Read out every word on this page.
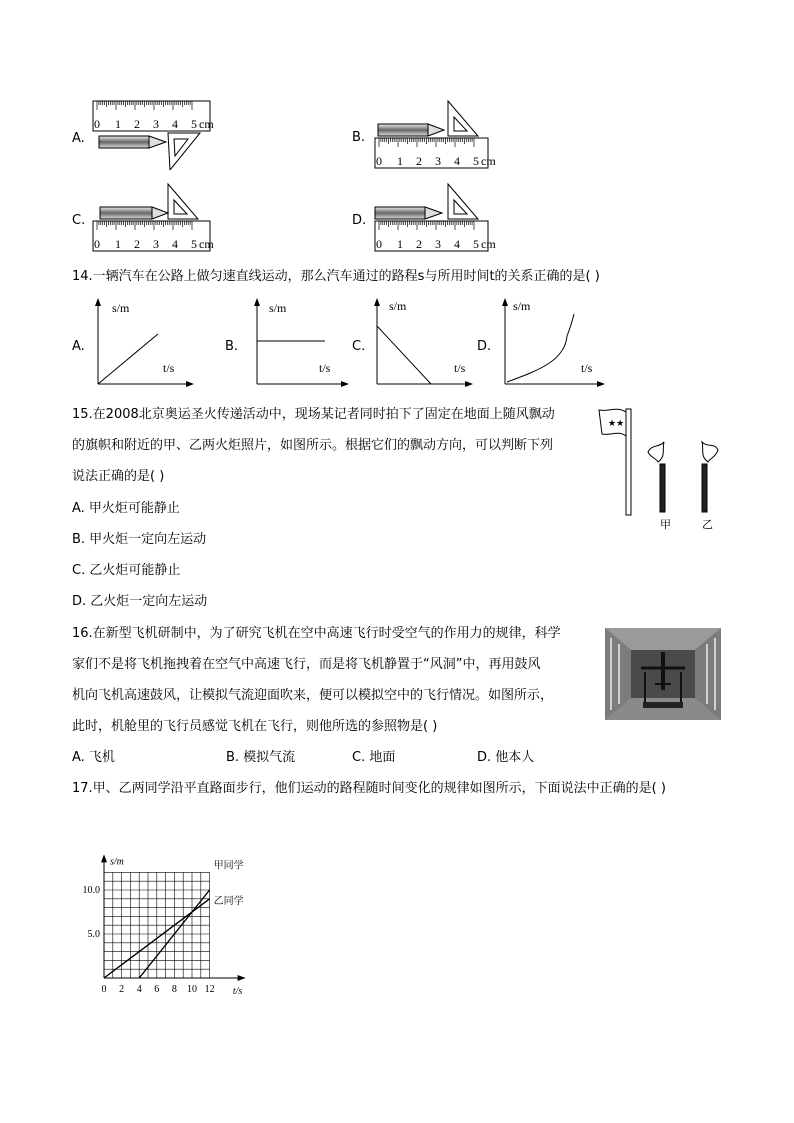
A.	B.
C.	D.
0 1 2 3 4 5 cm
0 1 2 3 4 5 cm
0 1 2 3 4 5 cm	0 1 2 3 4 5 cm
14.一辆汽车在公路上做匀速直线运动，那么汽车通过的路程s与所用时间t的关系正确的是( )
A.
s/m
t/s
B.
s/m
t/s
C.
s/m
t/s
D.
s/m
t/s
15.在2008北京奥运圣火传递活动中，现场某记者同时拍下了固定在地面上随风飘动
的旗帜和附近的甲、乙两火炬照片，如图所示。根据它们的飘动方向，可以判断下列
说法正确的是( )
A. 甲火炬可能静止
B. 甲火炬一定向左运动
C. 乙火炬可能静止
D. 乙火炬一定向左运动
★★
甲	乙
16.在新型飞机研制中，为了研究飞机在空中高速飞行时受空气的作用力的规律，科学
家们不是将飞机拖拽着在空气中高速飞行，而是将飞机静置于“风洞”中，再用鼓风
机向飞机高速鼓风，让模拟气流迎面吹来，便可以模拟空中的飞行情况。如图所示，
此时，机舱里的飞行员感觉飞机在飞行，则他所选的参照物是( )
A. 飞机	B. 模拟气流	C. 地面	D. 他本人
17.甲、乙两同学沿平直路面步行，他们运动的路程随时间变化的规律如图所示，下面说法中正确的是( )
0 2 4 6 8 10 12
5.0
10.0
s/m
t/s
甲同学
乙同学
